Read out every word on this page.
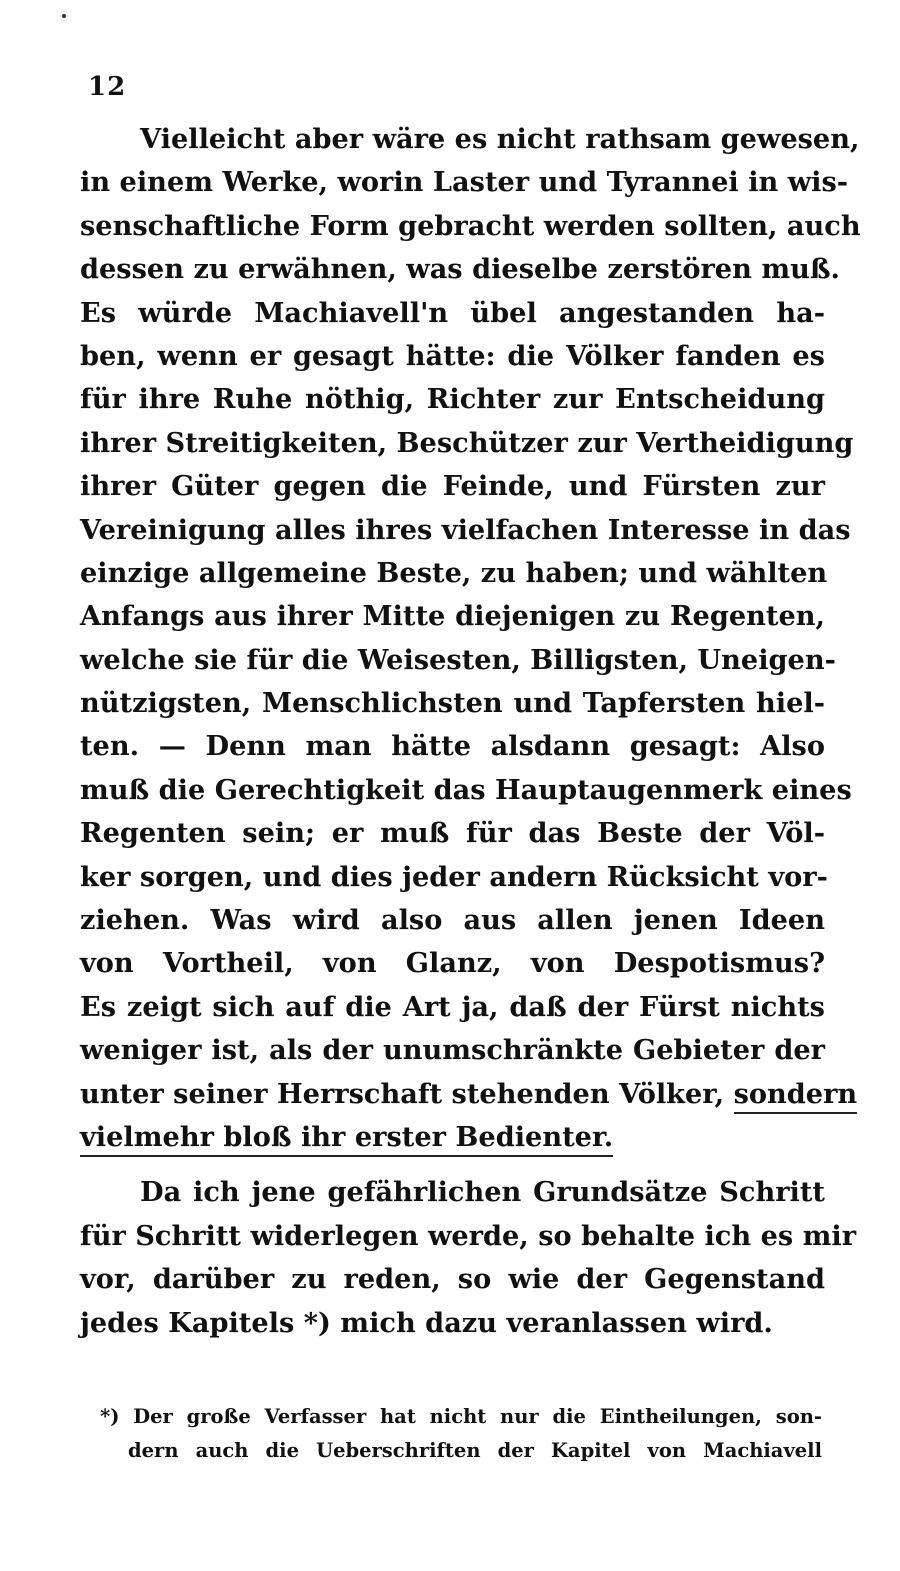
12
Vielleicht aber wäre es nicht rathsam gewesen,
in einem Werke, worin Laster und Tyrannei in wis-
senschaftliche Form gebracht werden sollten, auch
dessen zu erwähnen, was dieselbe zerstören muß.
Es würde Machiavell'n übel angestanden ha-
ben, wenn er gesagt hätte: die Völker fanden es
für ihre Ruhe nöthig, Richter zur Entscheidung
ihrer Streitigkeiten, Beschützer zur Vertheidigung
ihrer Güter gegen die Feinde, und Fürsten zur
Vereinigung alles ihres vielfachen Interesse in das
einzige allgemeine Beste, zu haben; und wählten
Anfangs aus ihrer Mitte diejenigen zu Regenten,
welche sie für die Weisesten, Billigsten, Uneigen-
nützigsten, Menschlichsten und Tapfersten hiel-
ten. — Denn man hätte alsdann gesagt: Also
muß die Gerechtigkeit das Hauptaugenmerk eines
Regenten sein; er muß für das Beste der Völ-
ker sorgen, und dies jeder andern Rücksicht vor-
ziehen. Was wird also aus allen jenen Ideen
von Vortheil, von Glanz, von Despotismus?
Es zeigt sich auf die Art ja, daß der Fürst nichts
weniger ist, als der unumschränkte Gebieter der
unter seiner Herrschaft stehenden Völker, sondern
vielmehr bloß ihr erster Bedienter.
Da ich jene gefährlichen Grundsätze Schritt
für Schritt widerlegen werde, so behalte ich es mir
vor, darüber zu reden, so wie der Gegenstand
jedes Kapitels *) mich dazu veranlassen wird.
*) Der große Verfasser hat nicht nur die Eintheilungen, son-
dern auch die Ueberschriften der Kapitel von Machiavell
